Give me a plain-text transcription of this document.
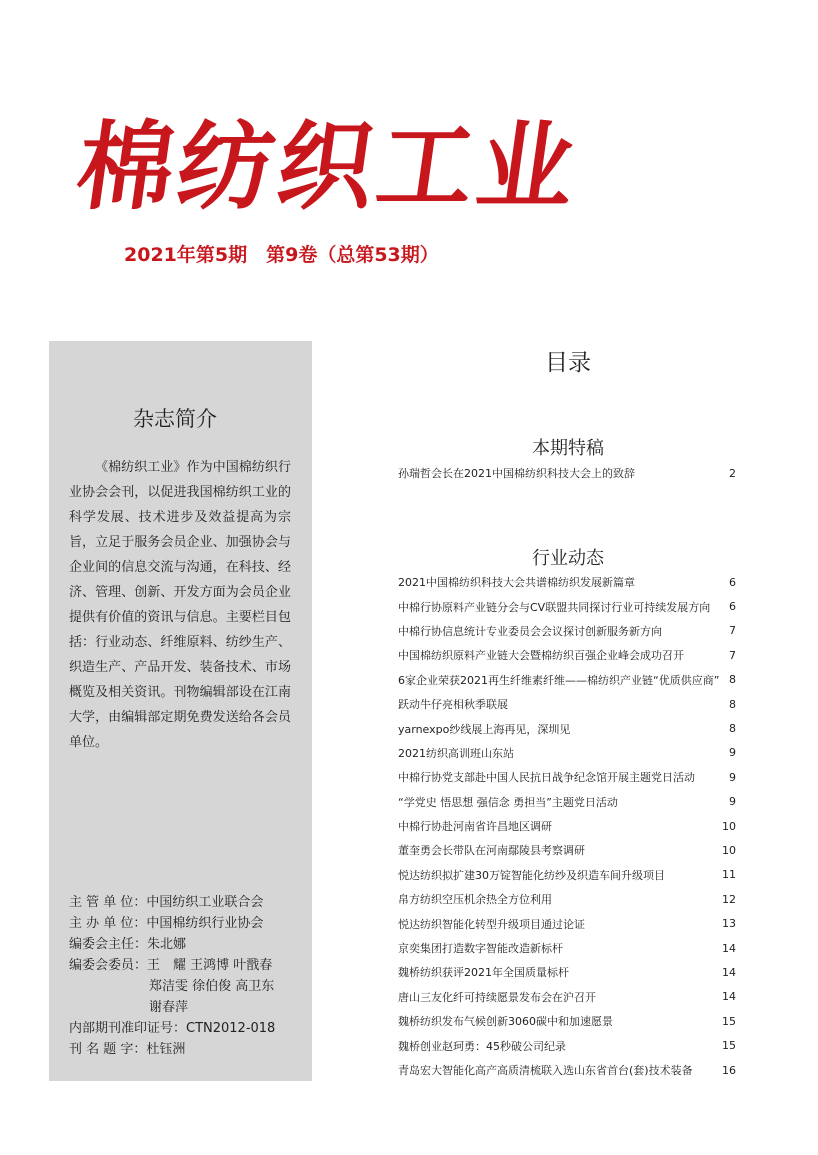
棉纺织工业
2021年第5期　第9卷（总第53期）
杂志简介
《棉纺织工业》作为中国棉纺织行业协会会刊，以促进我国棉纺织工业的科学发展、技术进步及效益提高为宗旨，立足于服务会员企业、加强协会与企业间的信息交流与沟通，在科技、经济、管理、创新、开发方面为会员企业提供有价值的资讯与信息。主要栏目包括：行业动态、纤维原料、纺纱生产、织造生产、产品开发、装备技术、市场概览及相关资讯。刊物编辑部设在江南大学，由编辑部定期免费发送给各会员单位。
主 管 单 位：中国纺织工业联合会
主 办 单 位：中国棉纺织行业协会
编委会主任：朱北娜
编委会委员：王　耀 王鸿博 叶戬春
郑洁雯 徐伯俊 高卫东
谢春萍
内部期刊准印证号：CTN2012-018
刊 名 题 字：杜钰洲
目录
本期特稿
孙瑞哲会长在2021中国棉纺织科技大会上的致辞	2
行业动态
2021中国棉纺织科技大会共谱棉纺织发展新篇章	6
中棉行协原料产业链分会与CV联盟共同探讨行业可持续发展方向	6
中棉行协信息统计专业委员会会议探讨创新服务新方向	7
中国棉纺织原料产业链大会暨棉纺织百强企业峰会成功召开	7
6家企业荣获2021再生纤维素纤维——棉纺织产业链“优质供应商” 8
跃动牛仔亮相秋季联展	8
yarnexpo纱线展上海再见，深圳见	8
2021纺织高训班山东站	9
中棉行协党支部赴中国人民抗日战争纪念馆开展主题党日活动	9
“学党史 悟思想 强信念 勇担当”主题党日活动	9
中棉行协赴河南省许昌地区调研	10
董奎勇会长带队在河南鄢陵县考察调研	10
悦达纺织拟扩建30万锭智能化纺纱及织造车间升级项目	11
帛方纺织空压机余热全方位利用	12
悦达纺织智能化转型升级项目通过论证	13
京奕集团打造数字智能改造新标杆	14
魏桥纺织获评2021年全国质量标杆	14
唐山三友化纤可持续愿景发布会在沪召开	14
魏桥纺织发布气候创新3060碳中和加速愿景	15
魏桥创业赵珂勇：45秒破公司纪录	15
青岛宏大智能化高产高质清梳联入选山东省首台(套)技术装备	16
